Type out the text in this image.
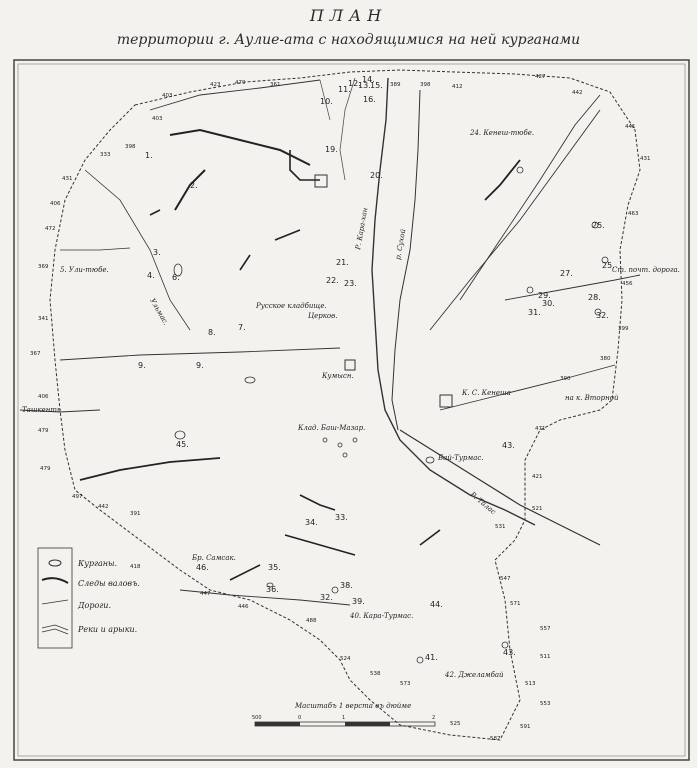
ПЛАН
территории г. Аулие-ата с находящимися на ней курганами
1.
2.
3.
4. 6.
7.
8.
9.	9.
10.
11.
12.
13.
14.
15.
16.
19.
20.
21.
22. 23.
25.
25.
27.
28.
29.
30.
31.	32.
33.
34.
35.
36.
32.
38.
39.
41.
43.
43.
44.
45.
46.
403
423	479	361
403
398
333
431
406
472
369
341
367
406
479
479
497
442
391
418
447
446
488
524
389	398	412
427
442
441
431
463
456
399
380
390
471
421
521
531
547
571
557
511
513
553
591
587
525
573
538
24. Кенеш-тюбе.
5. Ули-тюбе.
Русское кладбище.
Церков.
Кумысн.
Клад. Баш-Мазар.
Ташкенть
Р. Кара-хан	р. Сухой
Ульмас.
К. С. Кенеша
на к. Вторной
Бай-Турмас.
Р. Талас
Ст. почт. дорога.
Бр. Самсак.
40. Кара-Турмас.
42. Джеламбай
Курганы.
Следы валовъ.
Дороги.
Реки и арыки.
Масштабъ 1 верста въ дюйме
500	0	1	2
